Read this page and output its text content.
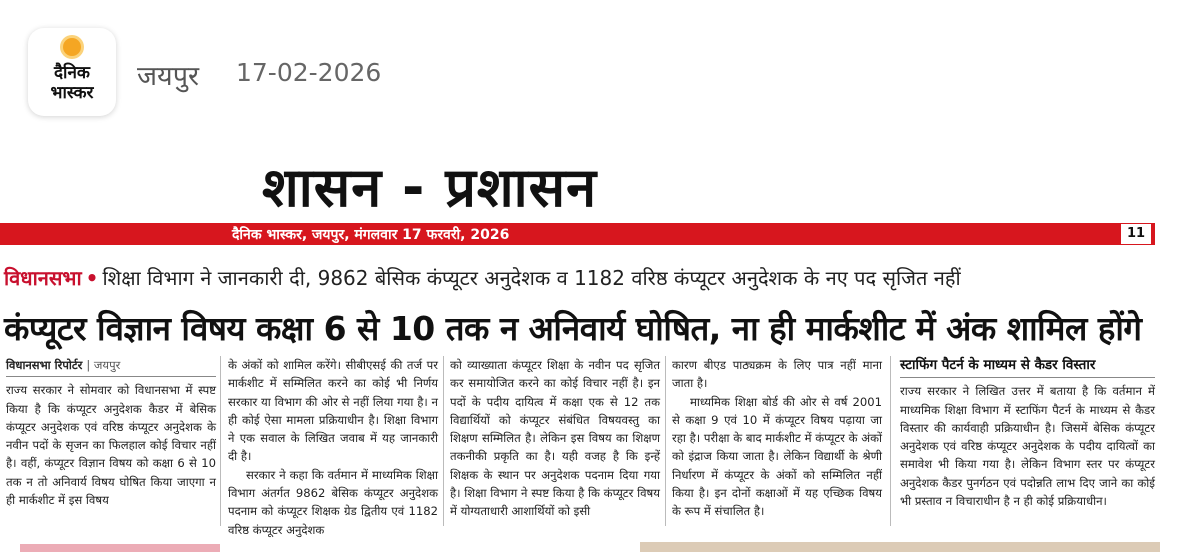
दैनिक
भास्कर
जयपुर 17-02-2026
शासन - प्रशासन
दैनिक भास्कर, जयपुर, मंगलवार 17 फरवरी, 2026	11
विधानसभा • शिक्षा विभाग ने जानकारी दी, 9862 बेसिक कंप्यूटर अनुदेशक व 1182 वरिष्ठ कंप्यूटर अनुदेशक के नए पद सृजित नहीं
कंप्यूटर विज्ञान विषय कक्षा 6 से 10 तक न अनिवार्य घोषित, ना ही मार्कशीट में अंक शामिल होंगे
विधानसभा रिपोर्टर | जयपुर

राज्य सरकार ने सोमवार को विधानसभा में स्पष्ट किया है कि कंप्यूटर अनुदेशक कैडर में बेसिक कंप्यूटर अनुदेशक एवं वरिष्ठ कंप्यूटर अनुदेशक के नवीन पदों के सृजन का फिलहाल कोई विचार नहीं है। वहीं, कंप्यूटर विज्ञान विषय को कक्षा 6 से 10 तक न तो अनिवार्य विषय घोषित किया जाएगा न ही मार्कशीट में इस विषय

के अंकों को शामिल करेंगे। सीबीएसई की तर्ज पर मार्कशीट में सम्मिलित करने का कोई भी निर्णय सरकार या विभाग की ओर से नहीं लिया गया है। न ही कोई ऐसा मामला प्रक्रियाधीन है। शिक्षा विभाग ने एक सवाल के लिखित जवाब में यह जानकारी दी है।

सरकार ने कहा कि वर्तमान में माध्यमिक शिक्षा विभाग अंतर्गत 9862 बेसिक कंप्यूटर अनुदेशक पदनाम को कंप्यूटर शिक्षक ग्रेड द्वितीय एवं 1182 वरिष्ठ कंप्यूटर अनुदेशक

को व्याख्याता कंप्यूटर शिक्षा के नवीन पद सृजित कर समायोजित करने का कोई विचार नहीं है। इन पदों के पदीय दायित्व में कक्षा एक से 12 तक विद्यार्थियों को कंप्यूटर संबंधित विषयवस्तु का शिक्षण सम्मिलित है। लेकिन इस विषय का शिक्षण तकनीकी प्रकृति का है। यही वजह है कि इन्हें शिक्षक के स्थान पर अनुदेशक पदनाम दिया गया है। शिक्षा विभाग ने स्पष्ट किया है कि कंप्यूटर विषय में योग्यताधारी आशार्थियों को इसी

कारण बीएड पाठ्यक्रम के लिए पात्र नहीं माना जाता है।

माध्यमिक शिक्षा बोर्ड की ओर से वर्ष 2001 से कक्षा 9 एवं 10 में कंप्यूटर विषय पढ़ाया जा रहा है। परीक्षा के बाद मार्कशीट में कंप्यूटर के अंकों को इंद्राज किया जाता है। लेकिन विद्यार्थी के श्रेणी निर्धारण में कंप्यूटर के अंकों को सम्मिलित नहीं किया है। इन दोनों कक्षाओं में यह एच्छिक विषय के रूप में संचालित है।

स्टाफिंग पैटर्न के माध्यम से कैडर विस्तार

राज्य सरकार ने लिखित उत्तर में बताया है कि वर्तमान में माध्यमिक शिक्षा विभाग में स्टाफिंग पैटर्न के माध्यम से कैडर विस्तार की कार्यवाही प्रक्रियाधीन है। जिसमें बेसिक कंप्यूटर अनुदेशक एवं वरिष्ठ कंप्यूटर अनुदेशक के पदीय दायित्वों का समावेश भी किया गया है। लेकिन विभाग स्तर पर कंप्यूटर अनुदेशक कैडर पुनर्गठन एवं पदोन्नति लाभ दिए जाने का कोई भी प्रस्ताव न विचाराधीन है न ही कोई प्रक्रियाधीन।
